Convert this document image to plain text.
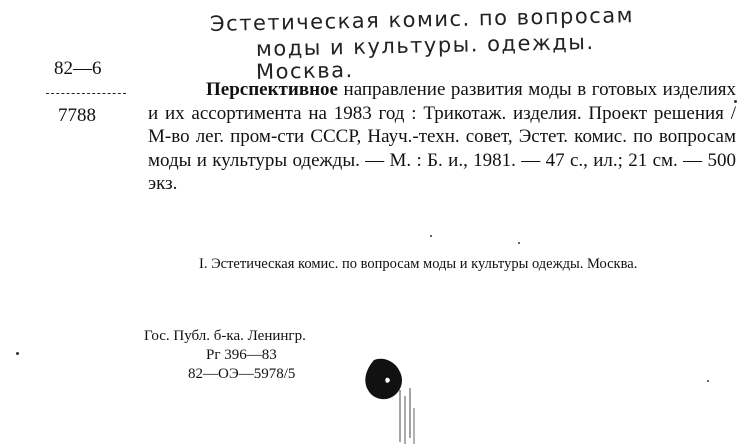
Эстетическая комис. по вопросам
моды и культуры. одежды.
Москва.
82—6
7788
Перспективное направление развития моды в готовых изделиях и их ассортимента на 1983 год : Трикотаж. изделия. Проект решения / М-во лег. пром-сти СССР, Науч.-техн. совет, Эстет. комис. по вопросам моды и культуры одежды. — М. : Б. и., 1981. — 47 с., ил.; 21 см. — 500 экз.
I. Эстетическая комис. по вопросам моды и культуры одежды. Москва.
Гос. Публ. б-ка. Ленингр.
Рг 396—83
82—ОЭ—5978/5
